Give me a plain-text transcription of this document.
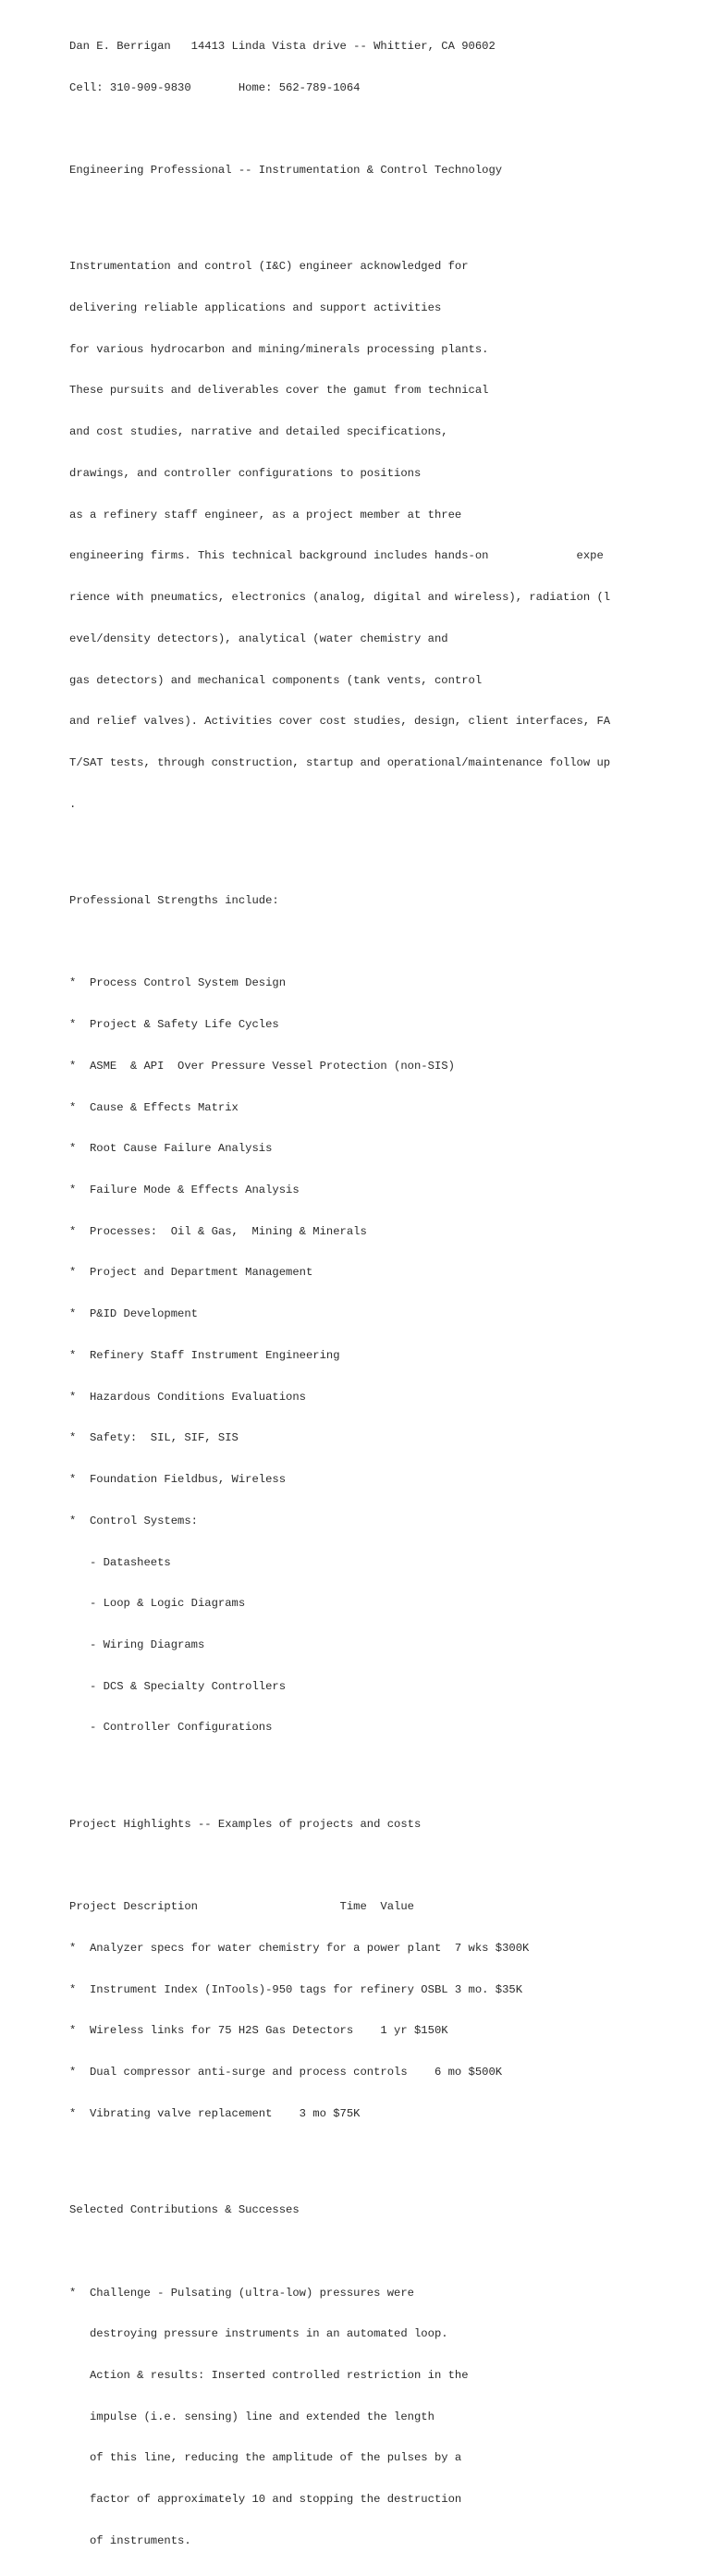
Dan E. Berrigan   14413 Linda Vista drive -- Whittier, CA 90602

Cell: 310-909-9830       Home: 562-789-1064

Engineering Professional -- Instrumentation & Control Technology

Instrumentation and control (I&C) engineer acknowledged for

delivering reliable applications and support activities

for various hydrocarbon and mining/minerals processing plants.

These pursuits and deliverables cover the gamut from technical

and cost studies, narrative and detailed specifications,

drawings, and controller configurations to positions

as a refinery staff engineer, as a project member at three

engineering firms. This technical background includes hands-on             expe

rience with pneumatics, electronics (analog, digital and wireless), radiation (l

evel/density detectors), analytical (water chemistry and

gas detectors) and mechanical components (tank vents, control

and relief valves). Activities cover cost studies, design, client interfaces, FA

T/SAT tests, through construction, startup and operational/maintenance follow up

.

Professional Strengths include:

*  Process Control System Design

*  Project & Safety Life Cycles

*  ASME  & API  Over Pressure Vessel Protection (non-SIS)

*  Cause & Effects Matrix

*  Root Cause Failure Analysis

*  Failure Mode & Effects Analysis

*  Processes:  Oil & Gas,  Mining & Minerals

*  Project and Department Management

*  P&ID Development

*  Refinery Staff Instrument Engineering

*  Hazardous Conditions Evaluations

*  Safety:  SIL, SIF, SIS

*  Foundation Fieldbus, Wireless

*  Control Systems:

- Datasheets

- Loop & Logic Diagrams

- Wiring Diagrams

- DCS & Specialty Controllers

- Controller Configurations

Project Highlights -- Examples of projects and costs

Project Description                     Time  Value

*  Analyzer specs for water chemistry for a power plant  7 wks $300K

*  Instrument Index (InTools)-950 tags for refinery OSBL 3 mo. $35K

*  Wireless links for 75 H2S Gas Detectors    1 yr $150K

*  Dual compressor anti-surge and process controls    6 mo $500K

*  Vibrating valve replacement    3 mo $75K

Selected Contributions & Successes

*  Challenge - Pulsating (ultra-low) pressures were

destroying pressure instruments in an automated loop.

Action & results: Inserted controlled restriction in the

impulse (i.e. sensing) line and extended the length

of this line, reducing the amplitude of the pulses by a

factor of approximately 10 and stopping the destruction

of instruments.
